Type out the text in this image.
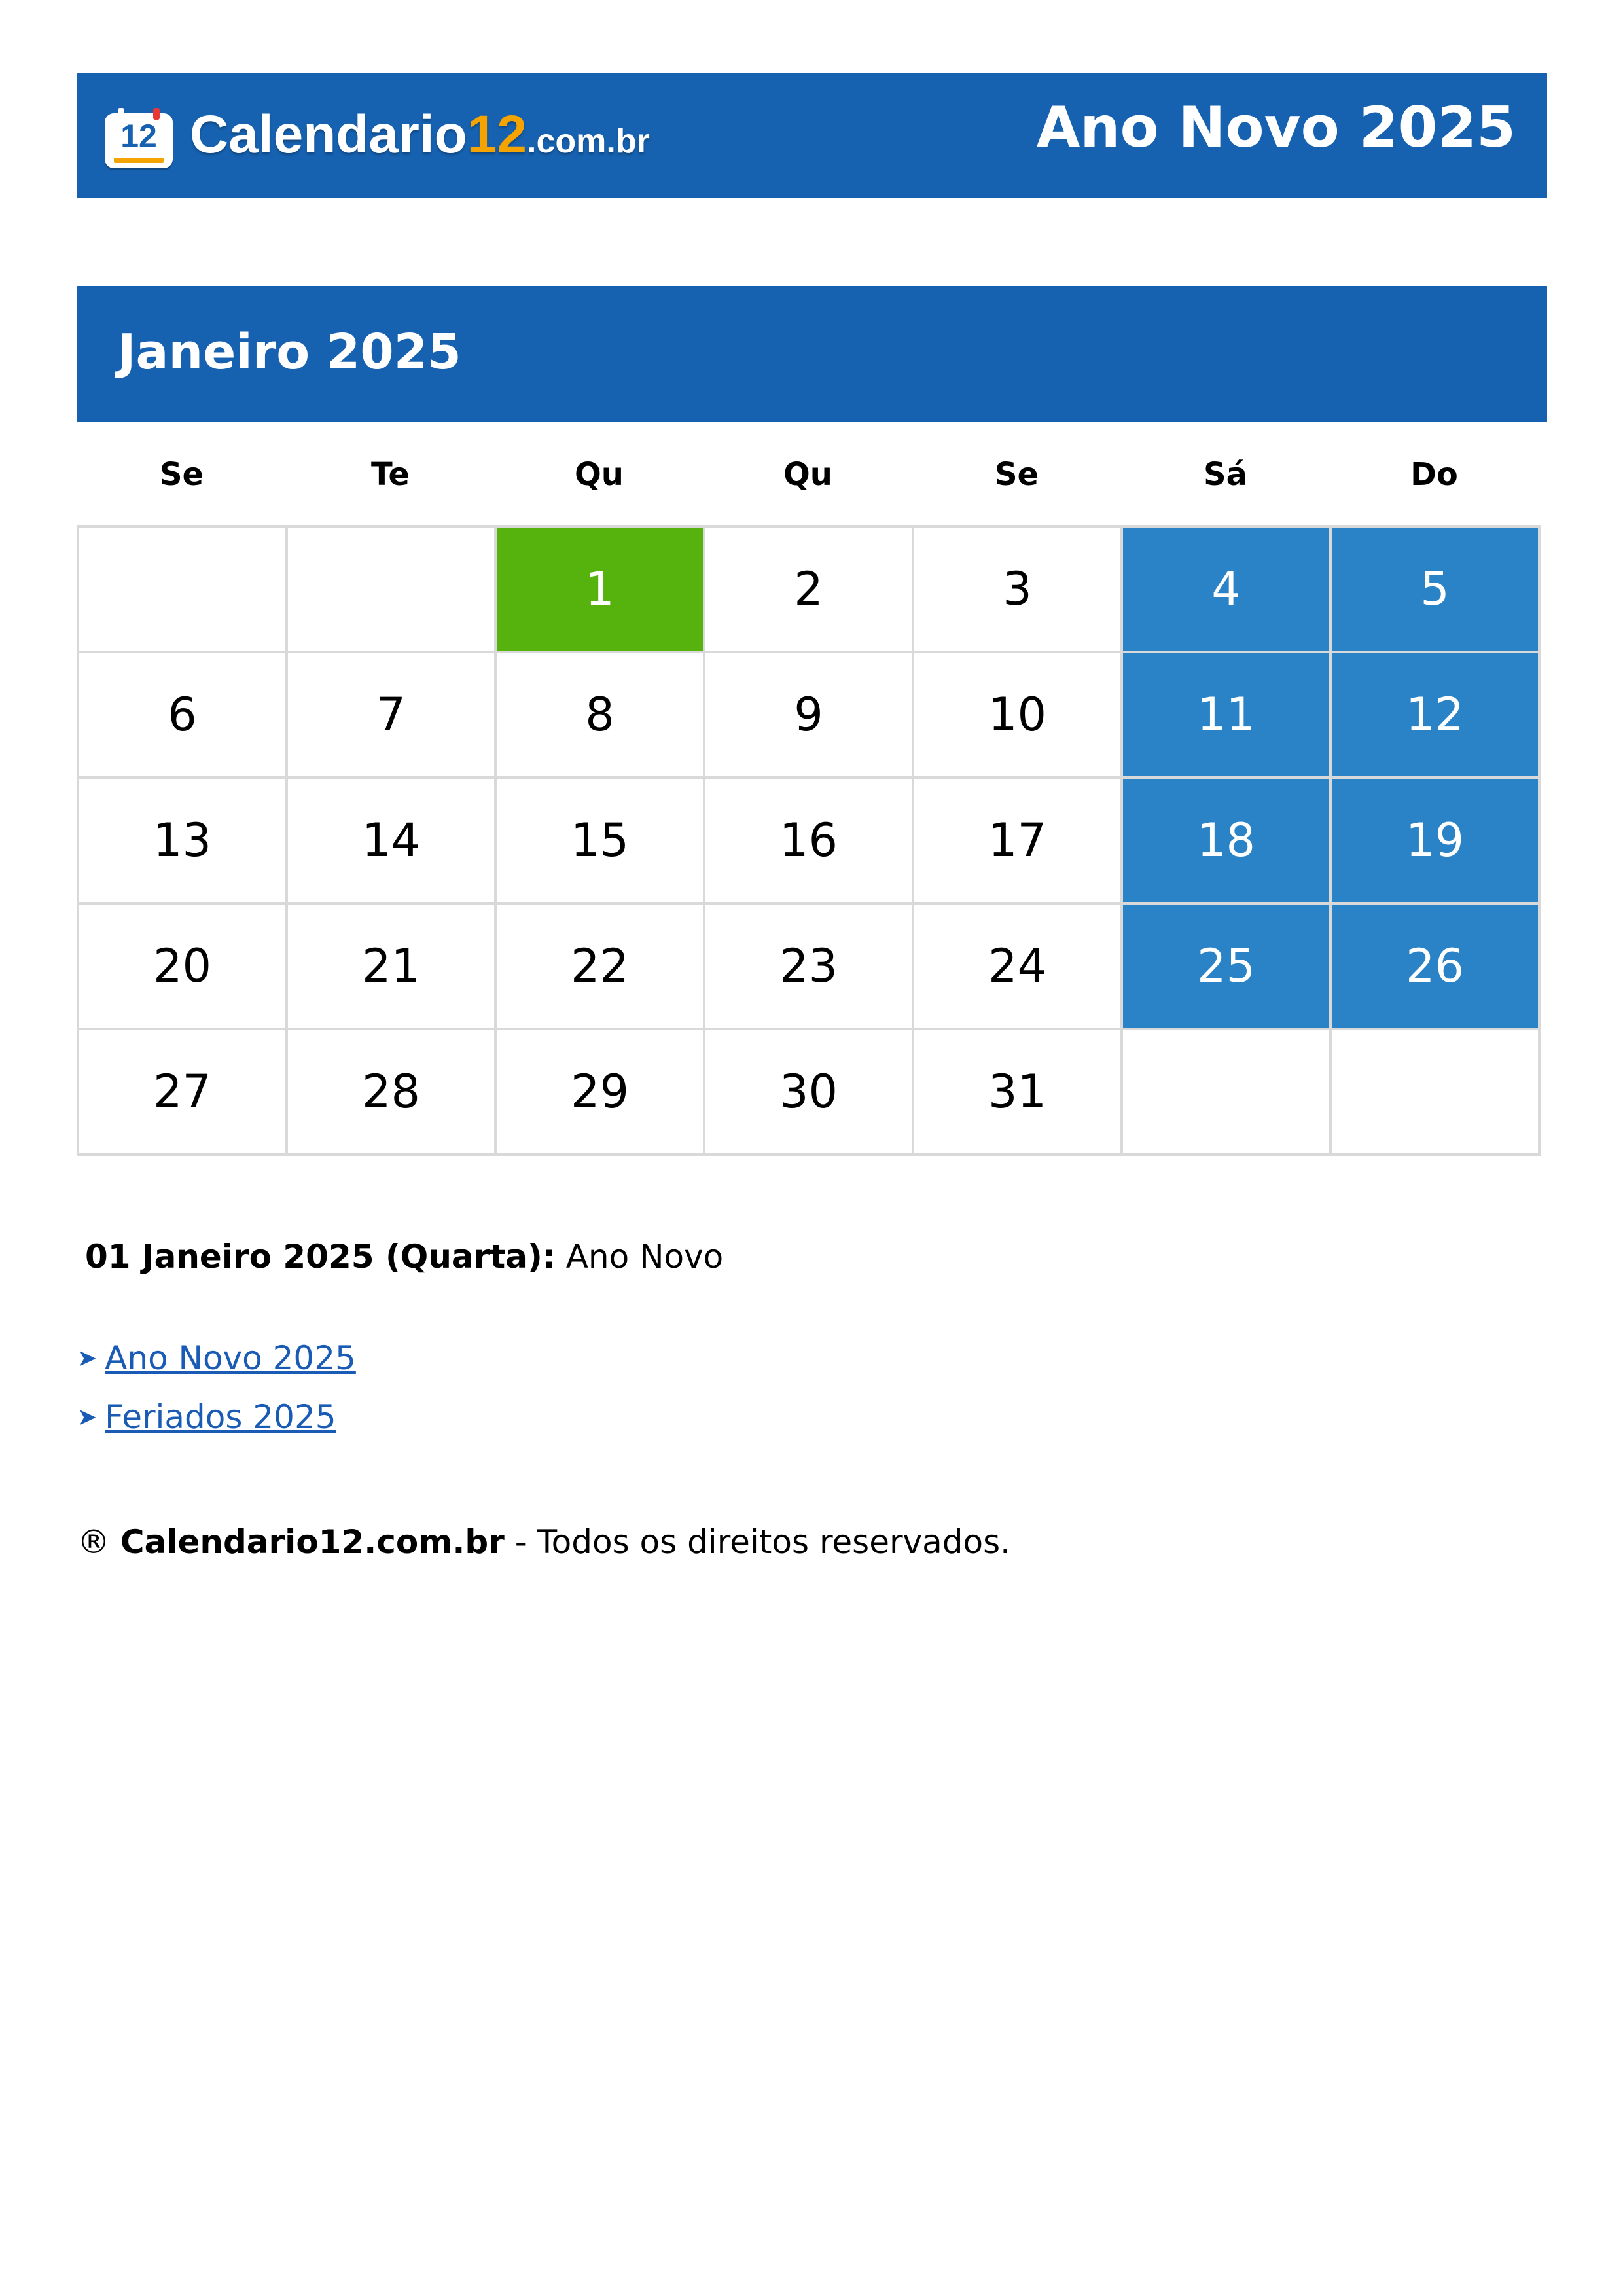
12 Calendario12.com.br	Ano Novo 2025
Janeiro 2025
Se	Te	Qu	Qu	Se	Sá	Do
		1	2	3	4	5
6	7	8	9	10	11	12
13	14	15	16	17	18	19
20	21	22	23	24	25	26
27	28	29	30	31		
01 Janeiro 2025 (Quarta): Ano Novo
➤ Ano Novo 2025
➤ Feriados 2025
® Calendario12.com.br - Todos os direitos reservados.
